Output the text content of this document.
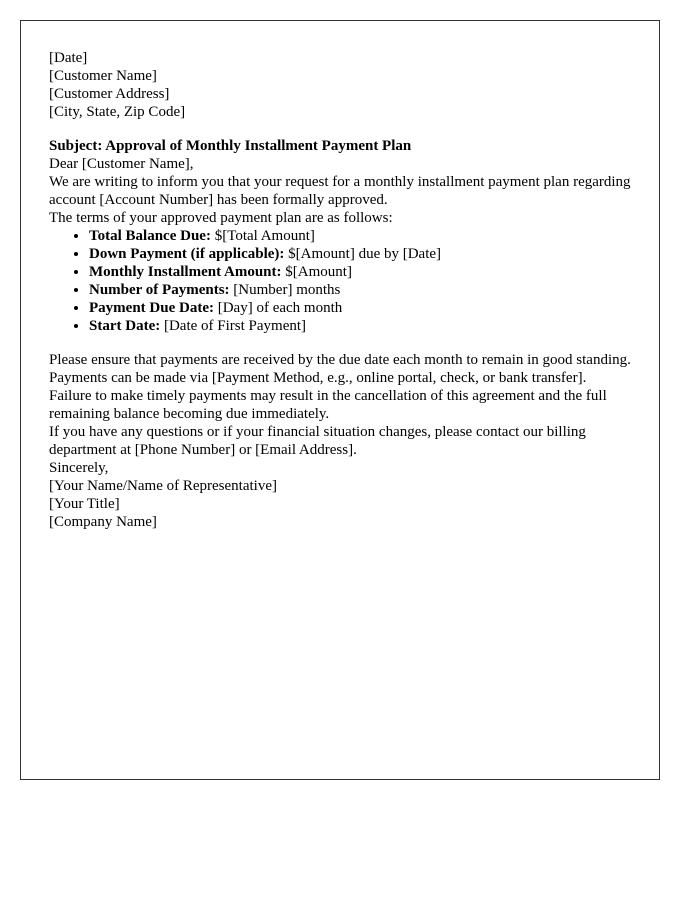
[Date]

[Customer Name]
[Customer Address]
[City, State, Zip Code]

Subject: Approval of Monthly Installment Payment Plan

Dear [Customer Name],

We are writing to inform you that your request for a monthly installment payment plan regarding account [Account Number] has been formally approved.

The terms of your approved payment plan are as follows:

• Total Balance Due: $[Total Amount]
• Down Payment (if applicable): $[Amount] due by [Date]
• Monthly Installment Amount: $[Amount]
• Number of Payments: [Number] months
• Payment Due Date: [Day] of each month
• Start Date: [Date of First Payment]

Please ensure that payments are received by the due date each month to remain in good standing. Payments can be made via [Payment Method, e.g., online portal, check, or bank transfer].

Failure to make timely payments may result in the cancellation of this agreement and the full remaining balance becoming due immediately.

If you have any questions or if your financial situation changes, please contact our billing department at [Phone Number] or [Email Address].

Sincerely,

[Your Name/Name of Representative]
[Your Title]
[Company Name]
